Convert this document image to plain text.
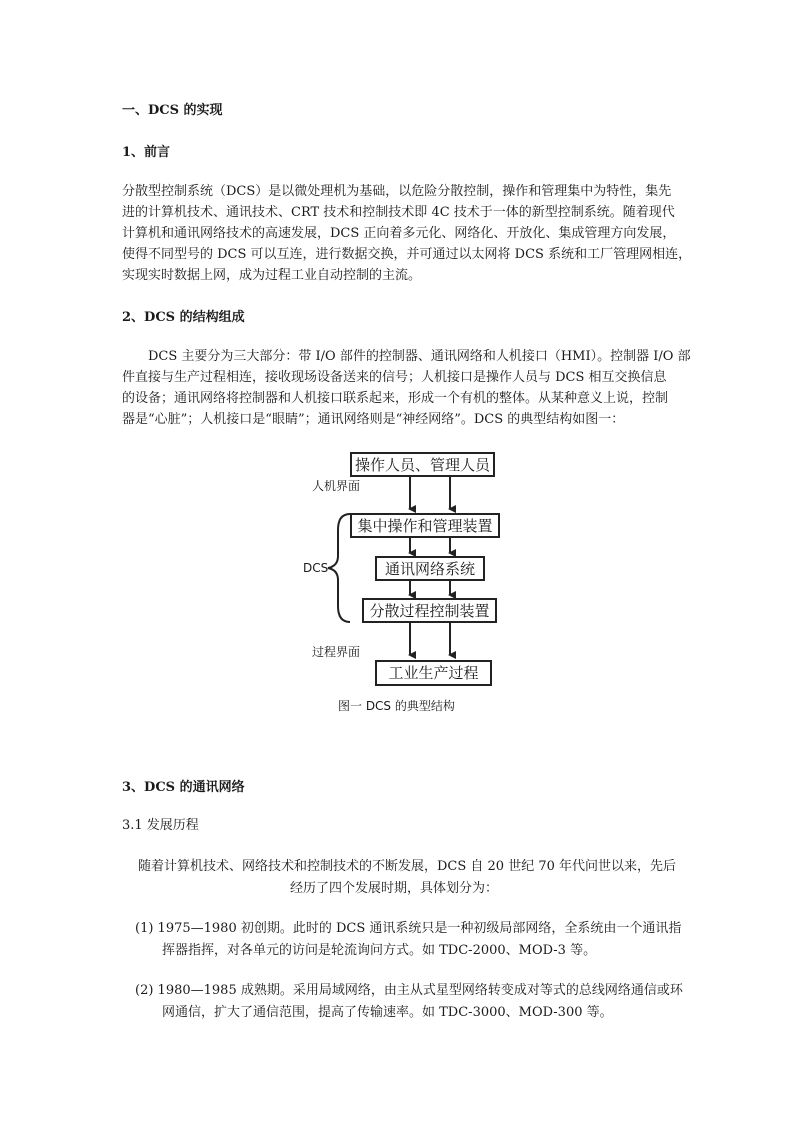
一、DCS 的实现
1、前言
分散型控制系统（DCS）是以微处理机为基础，以危险分散控制，操作和管理集中为特性，集先
进的计算机技术、通讯技术、CRT 技术和控制技术即 4C 技术于一体的新型控制系统。随着现代
计算机和通讯网络技术的高速发展，DCS 正向着多元化、网络化、开放化、集成管理方向发展，
使得不同型号的 DCS 可以互连，进行数据交换，并可通过以太网将 DCS 系统和工厂管理网相连，
实现实时数据上网，成为过程工业自动控制的主流。
2、DCS 的结构组成
DCS 主要分为三大部分：带 I/O 部件的控制器、通讯网络和人机接口（HMI）。控制器 I/O 部
件直接与生产过程相连，接收现场设备送来的信号；人机接口是操作人员与 DCS 相互交换信息
的设备；通讯网络将控制器和人机接口联系起来，形成一个有机的整体。从某种意义上说，控制
器是“心脏”；人机接口是“眼睛”；通讯网络则是“神经网络”。DCS 的典型结构如图一：
操作人员、管理人员
人机界面
集中操作和管理装置
DCS	通讯网络系统
分散过程控制装置
过程界面
工业生产过程
图一 DCS 的典型结构
3、DCS 的通讯网络
3.1 发展历程
随着计算机技术、网络技术和控制技术的不断发展，DCS 自 20 世纪 70 年代问世以来，先后
经历了四个发展时期，具体划分为：
(1) 1975—1980 初创期。此时的 DCS 通讯系统只是一种初级局部网络，全系统由一个通讯指
挥器指挥，对各单元的访问是轮流询问方式。如 TDC-2000、MOD-3 等。
(2) 1980—1985 成熟期。采用局域网络，由主从式星型网络转变成对等式的总线网络通信或环
网通信，扩大了通信范围，提高了传输速率。如 TDC-3000、MOD-300 等。
